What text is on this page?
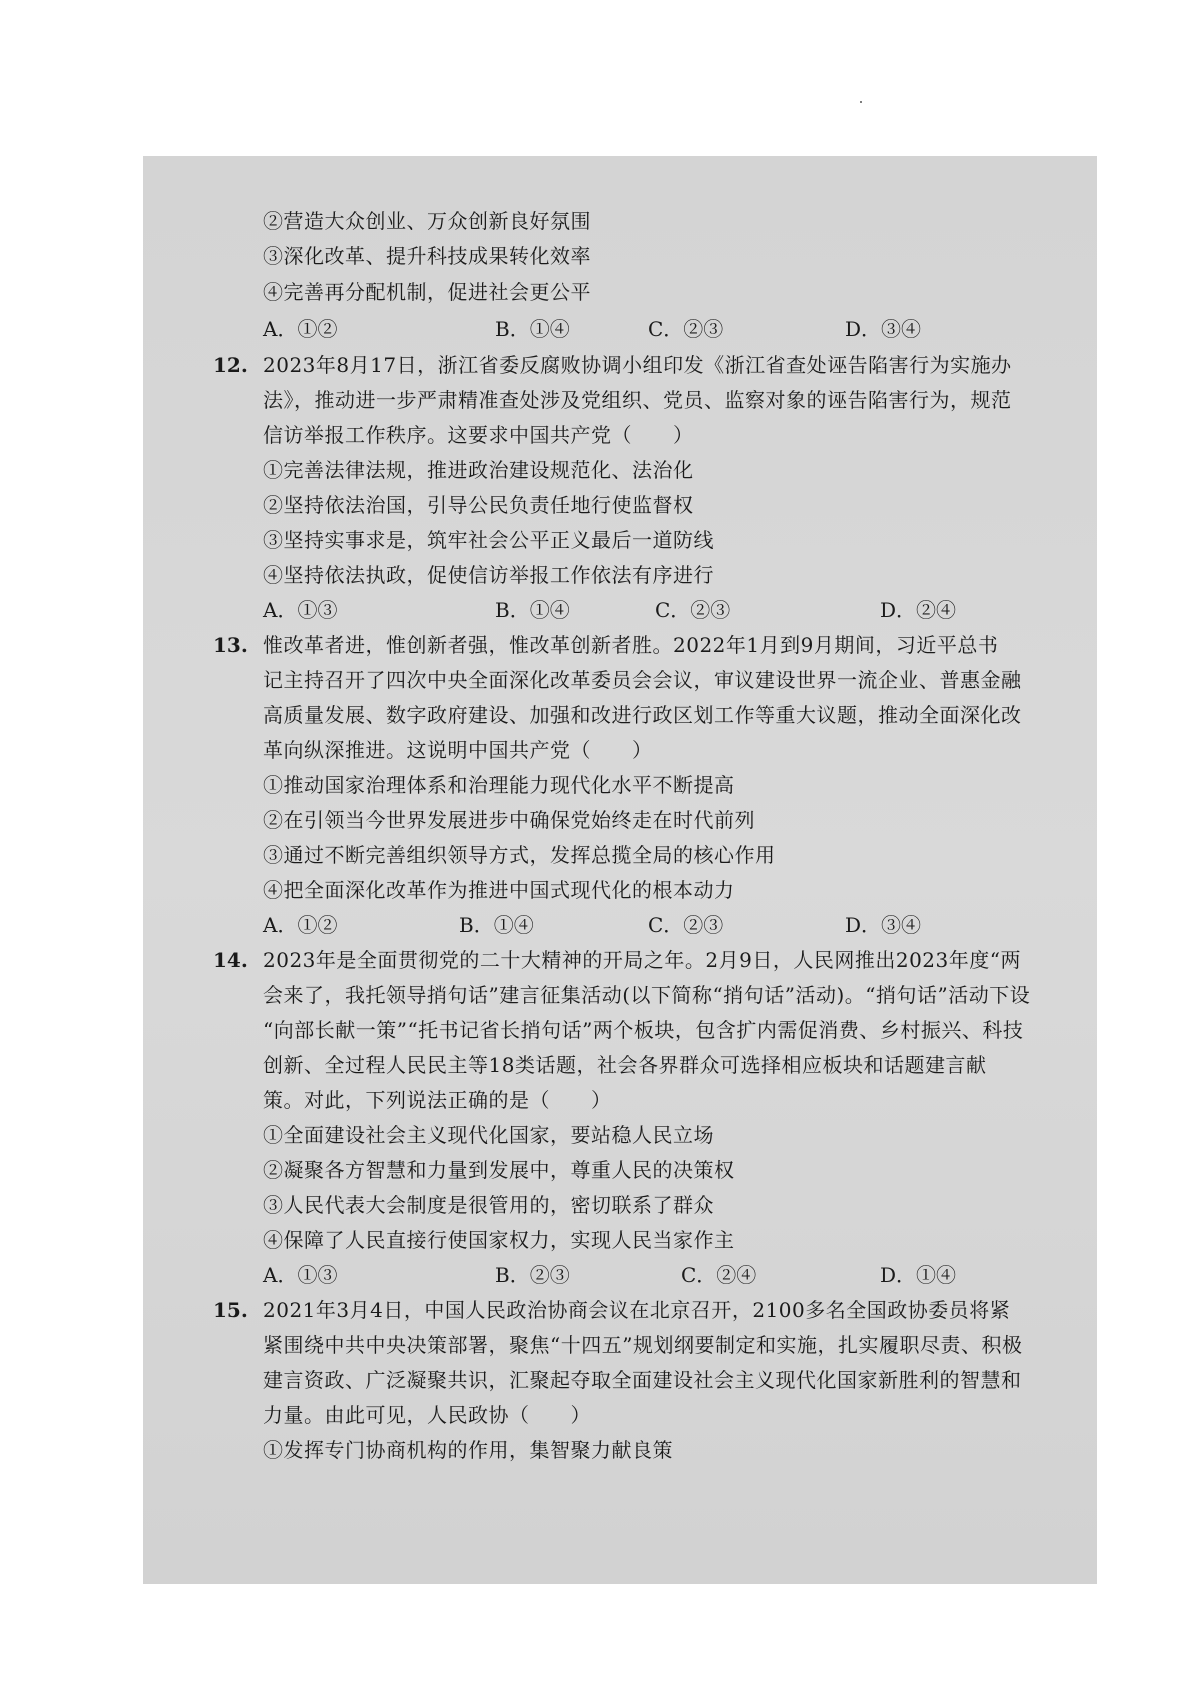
②营造大众创业、万众创新良好氛围
③深化改革、提升科技成果转化效率
④完善再分配机制，促进社会更公平
A．①②	B．①④	C．②③	D．③④
12. 2023年8月17日，浙江省委反腐败协调小组印发《浙江省查处诬告陷害行为实施办
法》，推动进一步严肃精准查处涉及党组织、党员、监察对象的诬告陷害行为，规范
信访举报工作秩序。这要求中国共产党（　　）
①完善法律法规，推进政治建设规范化、法治化
②坚持依法治国，引导公民负责任地行使监督权
③坚持实事求是，筑牢社会公平正义最后一道防线
④坚持依法执政，促使信访举报工作依法有序进行
A．①③	B．①④	C．②③	D．②④
13. 惟改革者进，惟创新者强，惟改革创新者胜。2022年1月到9月期间，习近平总书
记主持召开了四次中央全面深化改革委员会会议，审议建设世界一流企业、普惠金融
高质量发展、数字政府建设、加强和改进行政区划工作等重大议题，推动全面深化改
革向纵深推进。这说明中国共产党（　　）
①推动国家治理体系和治理能力现代化水平不断提高
②在引领当今世界发展进步中确保党始终走在时代前列
③通过不断完善组织领导方式，发挥总揽全局的核心作用
④把全面深化改革作为推进中国式现代化的根本动力
A．①②	B．①④	C．②③	D．③④
14. 2023年是全面贯彻党的二十大精神的开局之年。2月9日，人民网推出2023年度“两
会来了，我托领导捎句话”建言征集活动(以下简称“捎句话”活动)。“捎句话”活动下设
“向部长献一策”“托书记省长捎句话”两个板块，包含扩内需促消费、乡村振兴、科技
创新、全过程人民民主等18类话题，社会各界群众可选择相应板块和话题建言献
策。对此，下列说法正确的是（　　）
①全面建设社会主义现代化国家，要站稳人民立场
②凝聚各方智慧和力量到发展中，尊重人民的决策权
③人民代表大会制度是很管用的，密切联系了群众
④保障了人民直接行使国家权力，实现人民当家作主
A．①③	B．②③	C．②④	D．①④
15. 2021年3月4日，中国人民政治协商会议在北京召开，2100多名全国政协委员将紧
紧围绕中共中央决策部署，聚焦“十四五”规划纲要制定和实施，扎实履职尽责、积极
建言资政、广泛凝聚共识，汇聚起夺取全面建设社会主义现代化国家新胜利的智慧和
力量。由此可见，人民政协（　　）
①发挥专门协商机构的作用，集智聚力献良策
